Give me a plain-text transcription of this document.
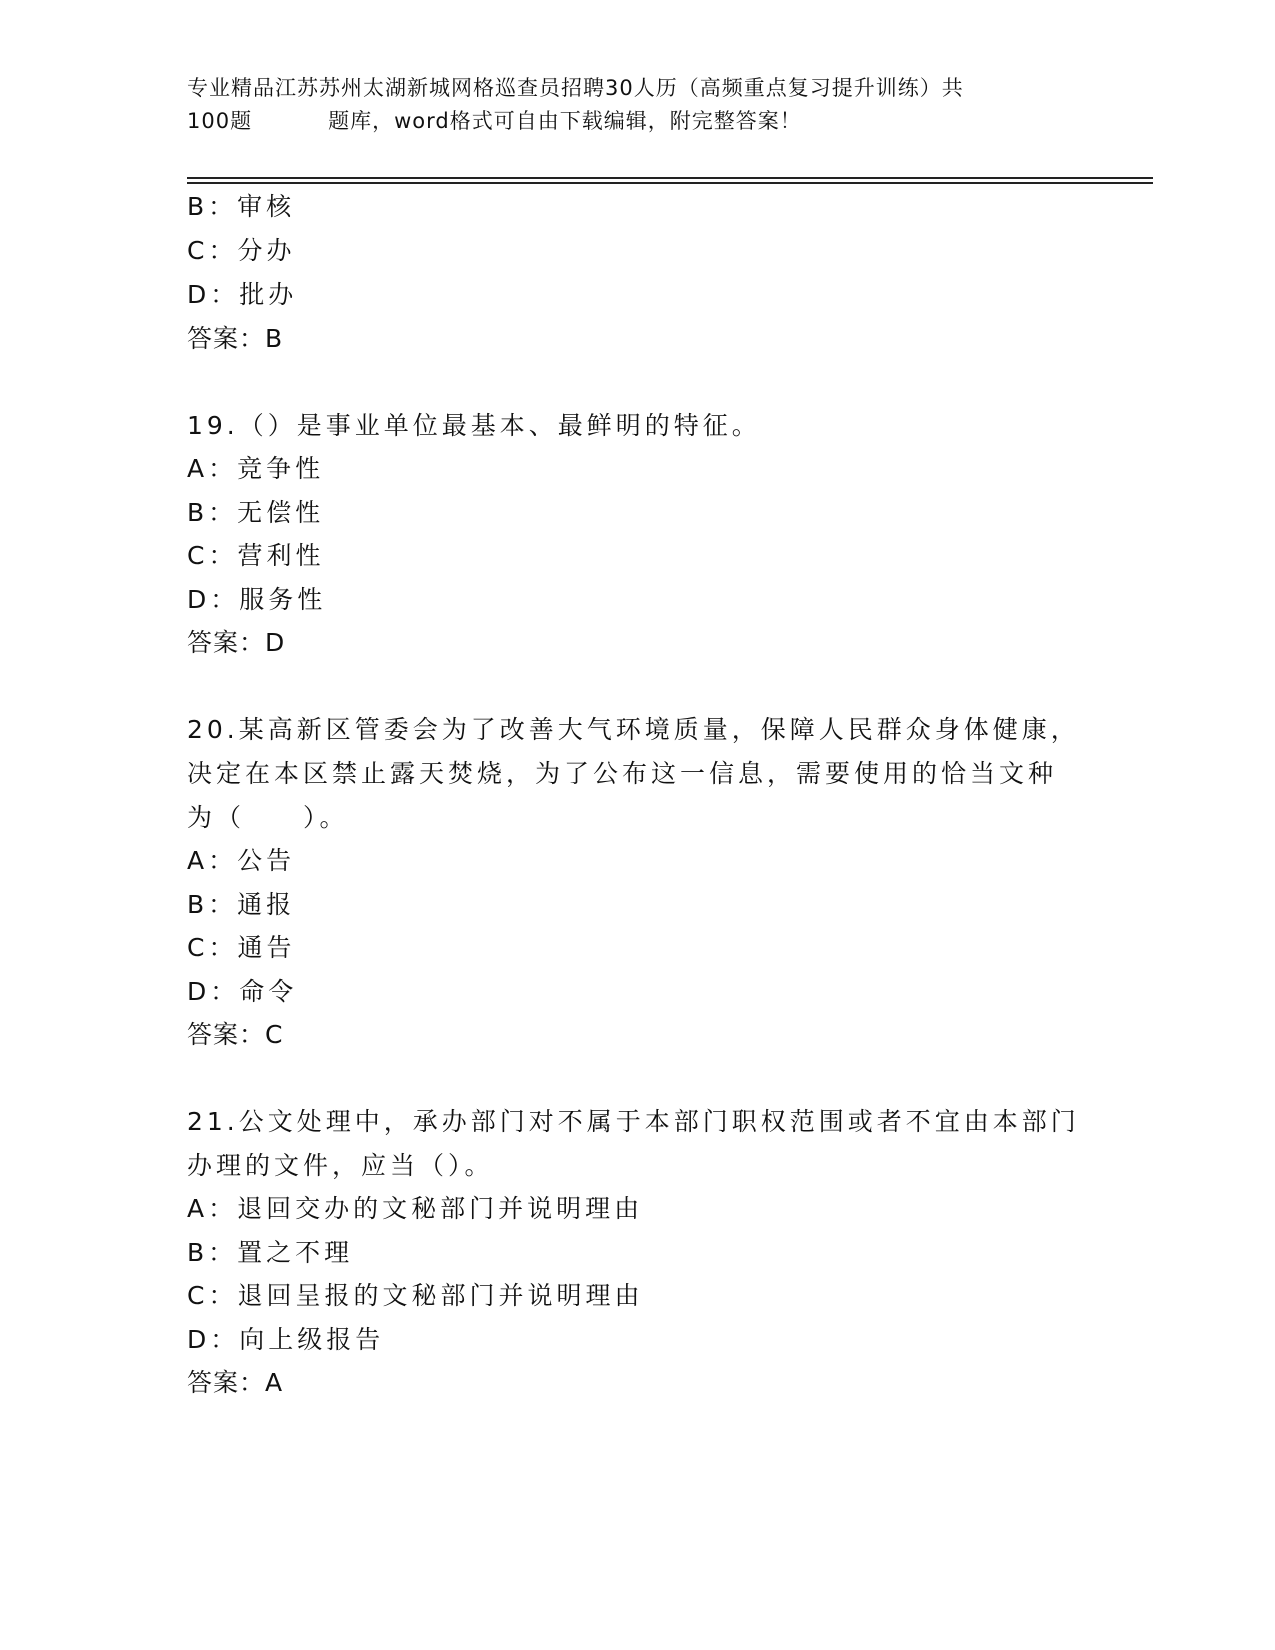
专业精品江苏苏州太湖新城网格巡查员招聘30人历（高频重点复习提升训练）共
100题	题库，word格式可自由下载编辑，附完整答案！
B：审核
C：分办
D：批办
答案：B
19.（）是事业单位最基本、最鲜明的特征。
A：竞争性
B：无偿性
C：营利性
D：服务性
答案：D
20.某高新区管委会为了改善大气环境质量，保障人民群众身体健康，
决定在本区禁止露天焚烧，为了公布这一信息，需要使用的恰当文种
为（　　）。
A：公告
B：通报
C：通告
D：命令
答案：C
21.公文处理中，承办部门对不属于本部门职权范围或者不宜由本部门
办理的文件，应当（）。
A：退回交办的文秘部门并说明理由
B：置之不理
C：退回呈报的文秘部门并说明理由
D：向上级报告
答案：A
